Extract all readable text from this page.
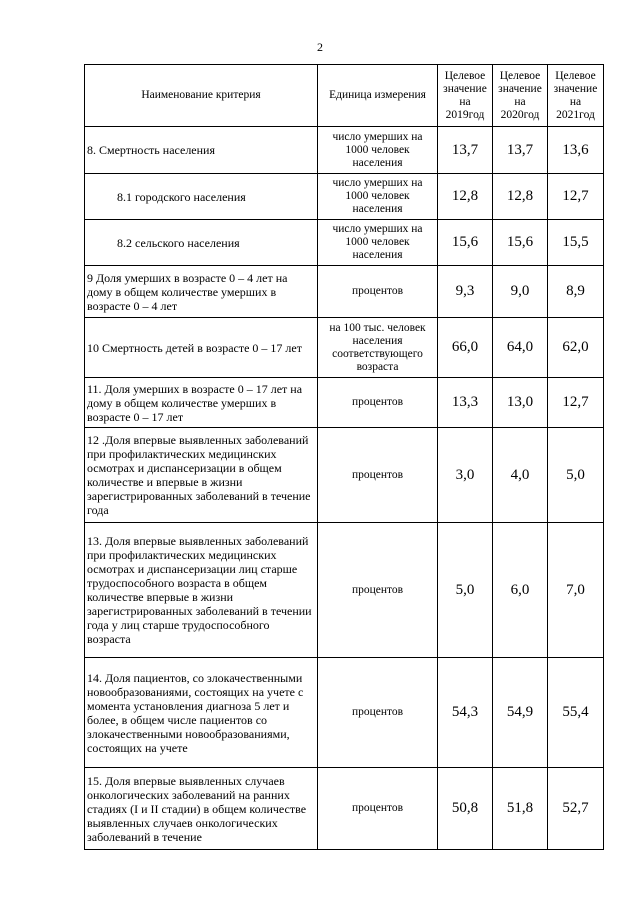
2
Наименование критерия	Единица измерения	Целевое значение на 2019год	Целевое значение на 2020год	Целевое значение на 2021год
8. Смертность населения	число умерших на 1000 человек населения	13,7	13,7	13,6
8.1 городского населения	число умерших на 1000 человек населения	12,8	12,8	12,7
8.2 сельского населения	число умерших на 1000 человек населения	15,6	15,6	15,5
9 Доля умерших в возрасте 0 – 4 лет на дому в общем количестве умерших в возрасте 0 – 4 лет	процентов	9,3	9,0	8,9
10 Смертность детей в возрасте 0 – 17 лет	на 100 тыс. человек населения соответствующего возраста	66,0	64,0	62,0
11. Доля умерших в возрасте 0 – 17 лет на дому в общем количестве умерших в возрасте 0 – 17 лет	процентов	13,3	13,0	12,7
12 .Доля впервые выявленных заболеваний при профилактических медицинских осмотрах и диспансеризации в общем количестве и впервые в жизни зарегистрированных заболеваний в течение года	процентов	3,0	4,0	5,0
13. Доля впервые выявленных заболеваний при профилактических медицинских осмотрах и диспансеризации лиц старше трудоспособного возраста в общем количестве впервые в жизни зарегистрированных заболеваний в течении года у лиц старше трудоспособного возраста	процентов	5,0	6,0	7,0
14. Доля пациентов, со злокачественными новообразованиями, состоящих на учете с момента установления диагноза 5 лет и более, в общем числе пациентов со злокачественными новообразованиями, состоящих на учете	процентов	54,3	54,9	55,4
15. Доля впервые выявленных случаев онкологических заболеваний на ранних стадиях (I и II стадии) в общем количестве выявленных случаев онкологических заболеваний в течение	процентов	50,8	51,8	52,7
